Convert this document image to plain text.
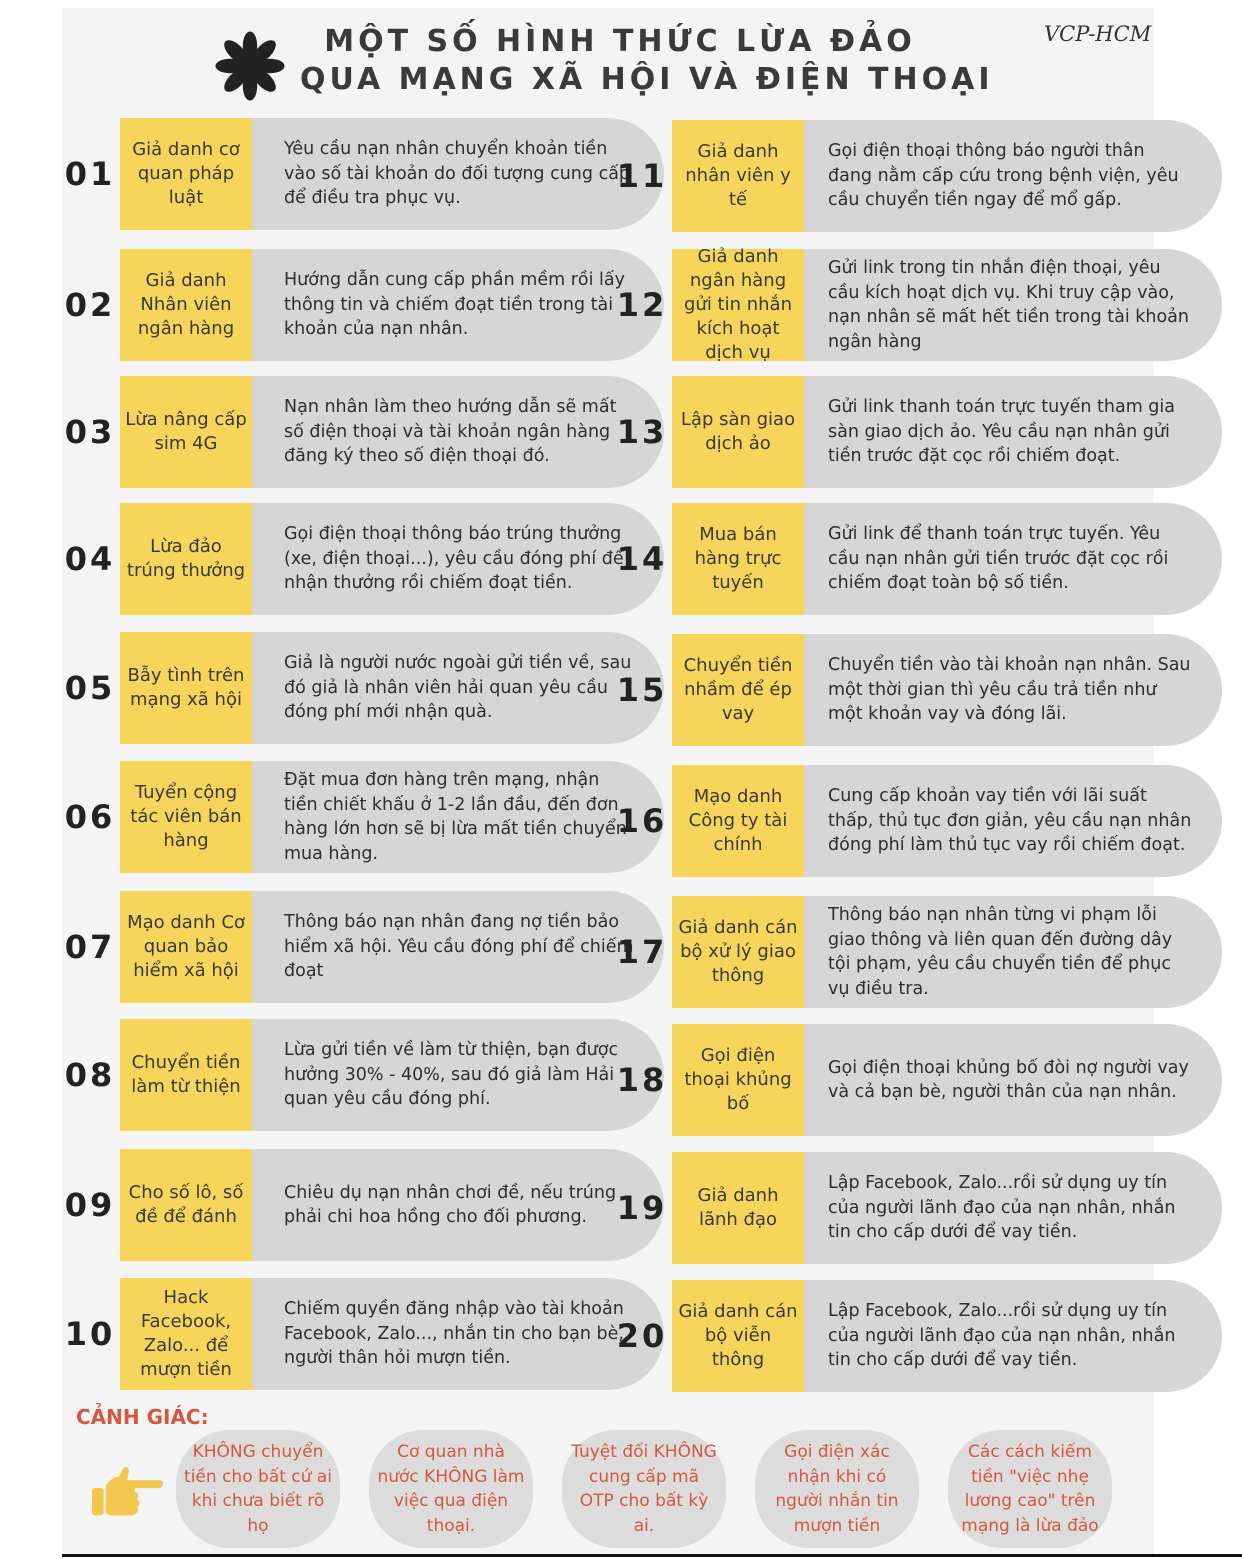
MỘT SỐ HÌNH THỨC LỪA ĐẢO
QUA MẠNG XÃ HỘI VÀ ĐIỆN THOẠI
VCP-HCM
01
Giả danh cơ quan pháp luật
Yêu cầu nạn nhân chuyển khoản tiền vào số tài khoản do đối tượng cung cấp để điều tra phục vụ.
02
Giả danh Nhân viên ngân hàng
Hướng dẫn cung cấp phần mềm rồi lấy thông tin và chiếm đoạt tiền trong tài khoản của nạn nhân.
03 Lừa nâng cấp sim 4G
Nạn nhân làm theo hướng dẫn sẽ mất số điện thoại và tài khoản ngân hàng đăng ký theo số điện thoại đó.
04	Lừa đảo trúng thưởng
Gọi điện thoại thông báo trúng thưởng (xe, điện thoại...), yêu cầu đóng phí để nhận thưởng rồi chiếm đoạt tiền.
05 Bẫy tình trên mạng xã hội
Giả là người nước ngoài gửi tiền về, sau đó giả là nhân viên hải quan yêu cầu đóng phí mới nhận quà.
06
Tuyển cộng tác viên bán hàng
Đặt mua đơn hàng trên mạng, nhận tiền chiết khấu ở 1-2 lần đầu, đến đơn hàng lớn hơn sẽ bị lừa mất tiền chuyển mua hàng.
07
Mạo danh Cơ quan bảo hiểm xã hội
Thông báo nạn nhân đang nợ tiền bảo hiểm xã hội. Yêu cầu đóng phí để chiếm đoạt
08 Chuyển tiền làm từ thiện
Lừa gửi tiền về làm từ thiện, bạn được hưởng 30% - 40%, sau đó giả làm Hải quan yêu cầu đóng phí.
09 Cho số lô, số đề để đánh
Chiêu dụ nạn nhân chơi đề, nếu trúng phải chi hoa hồng cho đối phương.
10
Hack Facebook, Zalo... để mượn tiền
Chiếm quyền đăng nhập vào tài khoản Facebook, Zalo..., nhắn tin cho bạn bè, người thân hỏi mượn tiền.
11
Giả danh nhân viên y tế
Gọi điện thoại thông báo người thân đang nằm cấp cứu trong bệnh viện, yêu cầu chuyển tiền ngay để mổ gấp.
12
Giả danh ngân hàng gửi tin nhắn kích hoạt dịch vụ
Gửi link trong tin nhắn điện thoại, yêu cầu kích hoạt dịch vụ. Khi truy cập vào, nạn nhân sẽ mất hết tiền trong tài khoản ngân hàng
13 Lập sàn giao dịch ảo
Gửi link thanh toán trực tuyến tham gia sàn giao dịch ảo. Yêu cầu nạn nhân gửi tiền trước đặt cọc rồi chiếm đoạt.
14
Mua bán hàng trực tuyến
Gửi link để thanh toán trực tuyến. Yêu cầu nạn nhân gửi tiền trước đặt cọc rồi chiếm đoạt toàn bộ số tiền.
15
Chuyển tiền nhầm để ép vay
Chuyển tiền vào tài khoản nạn nhân. Sau một thời gian thì yêu cầu trả tiền như một khoản vay và đóng lãi.
16
Mạo danh Công ty tài chính
Cung cấp khoản vay tiền với lãi suất thấp, thủ tục đơn giản, yêu cầu nạn nhân đóng phí làm thủ tục vay rồi chiếm đoạt.
17
Giả danh cán bộ xử lý giao thông
Thông báo nạn nhân từng vi phạm lỗi giao thông và liên quan đến đường dây tội phạm, yêu cầu chuyển tiền để phục vụ điều tra.
18
Gọi điện thoại khủng bố
Gọi điện thoại khủng bố đòi nợ người vay và cả bạn bè, người thân của nạn nhân.
19	Giả danh lãnh đạo
Lập Facebook, Zalo...rồi sử dụng uy tín của người lãnh đạo của nạn nhân, nhắn tin cho cấp dưới để vay tiền.
20
Giả danh cán bộ viễn thông
Lập Facebook, Zalo...rồi sử dụng uy tín của người lãnh đạo của nạn nhân, nhắn tin cho cấp dưới để vay tiền.
CẢNH GIÁC:
KHÔNG chuyển tiền cho bất cứ ai khi chưa biết rõ họ
Cơ quan nhà nước KHÔNG làm việc qua điện thoại.
Tuyệt đối KHÔNG cung cấp mã OTP cho bất kỳ ai.
Gọi điện xác nhận khi có người nhắn tin mượn tiền
Các cách kiếm tiền "việc nhẹ lương cao" trên mạng là lừa đảo
